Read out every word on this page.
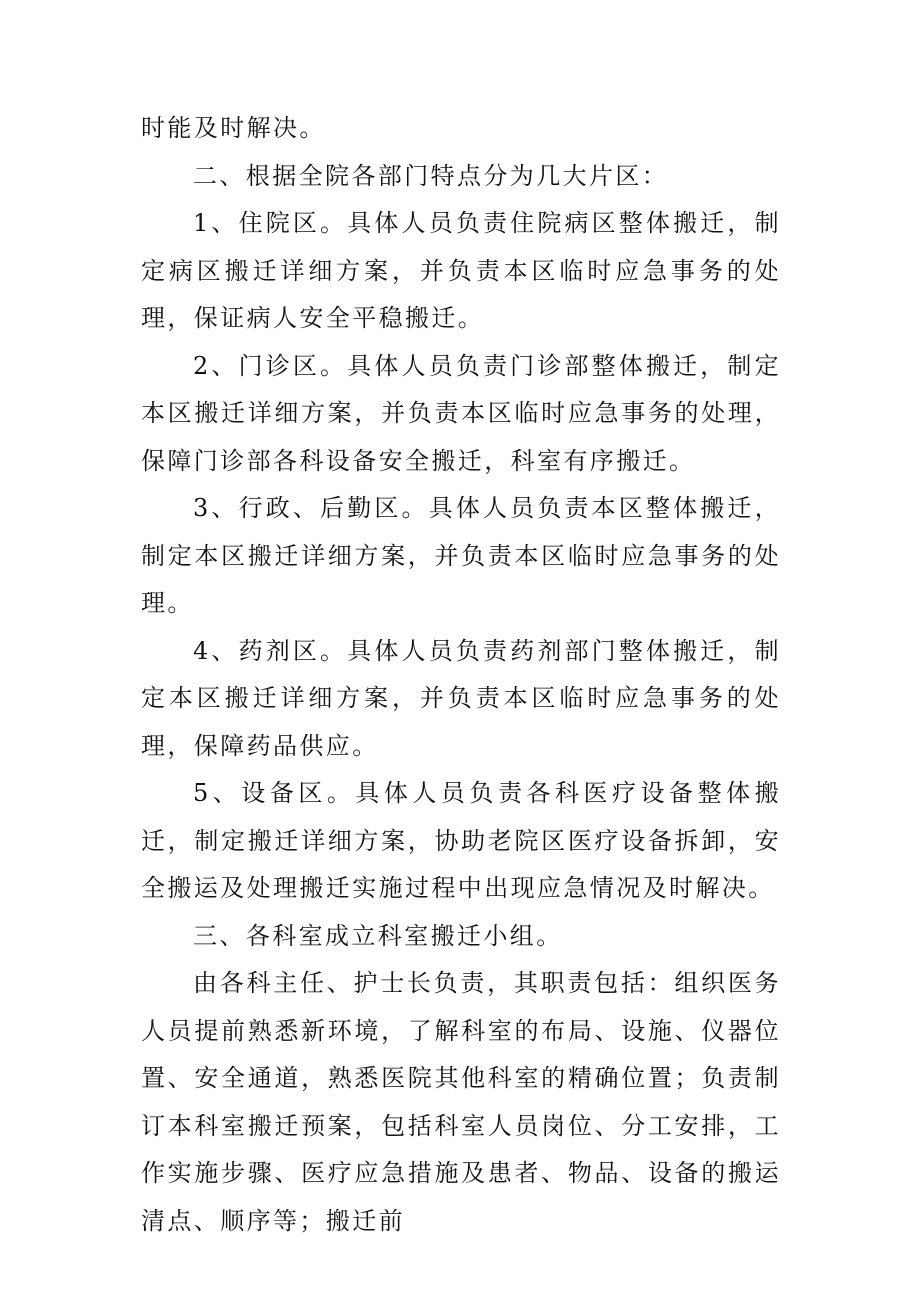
时能及时解决。

二、根据全院各部门特点分为几大片区：

1、住院区。具体人员负责住院病区整体搬迁，制定病区搬迁详细方案，并负责本区临时应急事务的处理，保证病人安全平稳搬迁。

2、门诊区。具体人员负责门诊部整体搬迁，制定本区搬迁详细方案，并负责本区临时应急事务的处理，保障门诊部各科设备安全搬迁，科室有序搬迁。

3、行政、后勤区。具体人员负责本区整体搬迁，制定本区搬迁详细方案，并负责本区临时应急事务的处理。

4、药剂区。具体人员负责药剂部门整体搬迁，制定本区搬迁详细方案，并负责本区临时应急事务的处理，保障药品供应。

5、设备区。具体人员负责各科医疗设备整体搬迁，制定搬迁详细方案，协助老院区医疗设备拆卸，安全搬运及处理搬迁实施过程中出现应急情况及时解决。

三、各科室成立科室搬迁小组。

由各科主任、护士长负责，其职责包括：组织医务人员提前熟悉新环境，了解科室的布局、设施、仪器位置、安全通道，熟悉医院其他科室的精确位置；负责制订本科室搬迁预案，包括科室人员岗位、分工安排，工作实施步骤、医疗应急措施及患者、物品、设备的搬运清点、顺序等；搬迁前
